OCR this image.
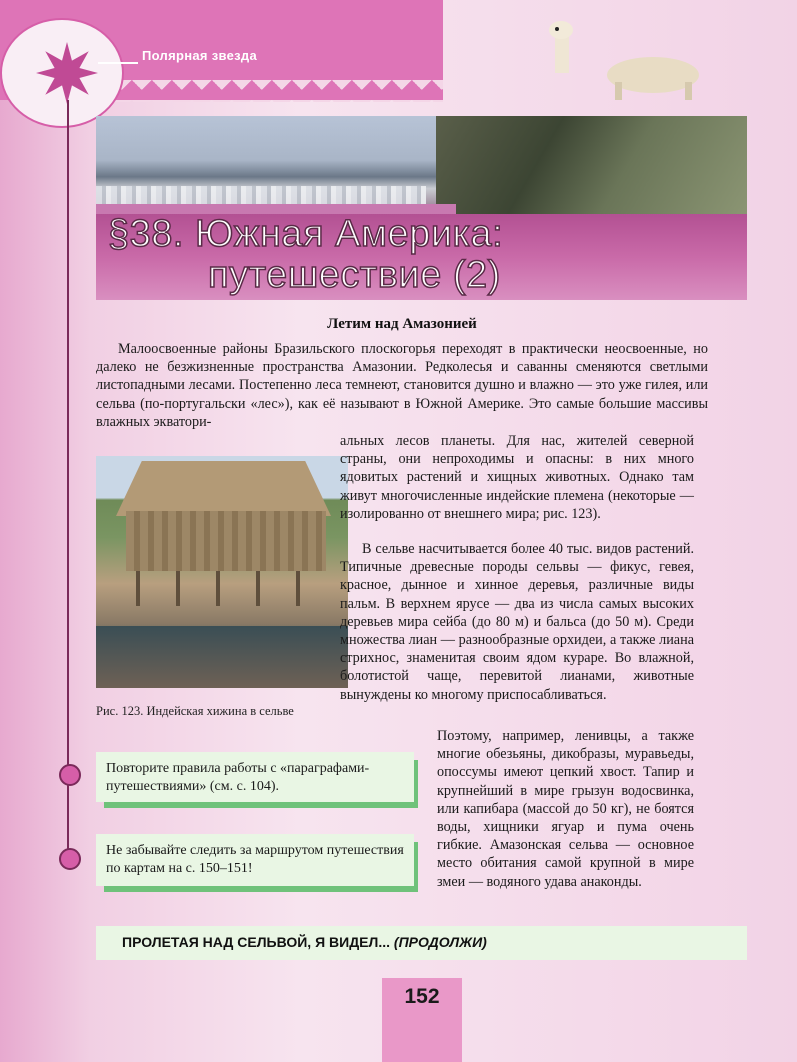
Полярная звезда
§38. Южная Америка:
путешествие (2)
Летим над Амазонией
Малоосвоенные районы Бразильского плоскогорья переходят в практически неосвоенные, но далеко не безжизненные пространства Амазонии. Редколесья и саванны сменяются светлыми листопадными лесами. Постепенно леса темнеют, становится душно и влажно — это уже гилея, или сельва (по-португальски «лес»), как её называют в Южной Америке. Это самые большие массивы влажных экватори-
Рис. 123. Индейская хижина в сельве
альных лесов планеты. Для нас, жителей северной страны, они непроходимы и опасны: в них много ядовитых растений и хищных животных. Однако там живут многочисленные индейские племена (некоторые — изолированно от внешнего мира; рис. 123).
В сельве насчитывается более 40 тыс. видов растений. Типичные древесные породы сельвы — фикус, гевея, красное, дынное и хинное деревья, различные виды пальм. В верхнем ярусе — два из числа самых высоких деревьев мира сейба (до 80 м) и бальса (до 50 м). Среди множества лиан — разнообразные орхидеи, а также лиана стрихнос, знаменитая своим ядом кураре. Во влажной, болотистой чаще, перевитой лианами, животные вынуждены ко многому приспосабливаться.
Поэтому, например, ленивцы, а также многие обезьяны, дикобразы, муравьеды, опоссумы имеют цепкий хвост. Тапир и крупнейший в мире грызун водосвинка, или капибара (массой до 50 кг), не боятся воды, хищники ягуар и пума очень гибкие. Амазонская сельва — основное место обитания самой крупной в мире змеи — водяного удава анаконды.
Повторите правила работы с «параграфами-путешествиями» (см. с. 104).
Не забывайте следить за маршрутом путешествия по картам на с. 150–151!
ПРОЛЕТАЯ НАД СЕЛЬВОЙ, Я ВИДЕЛ... (ПРОДОЛЖИ)
152
